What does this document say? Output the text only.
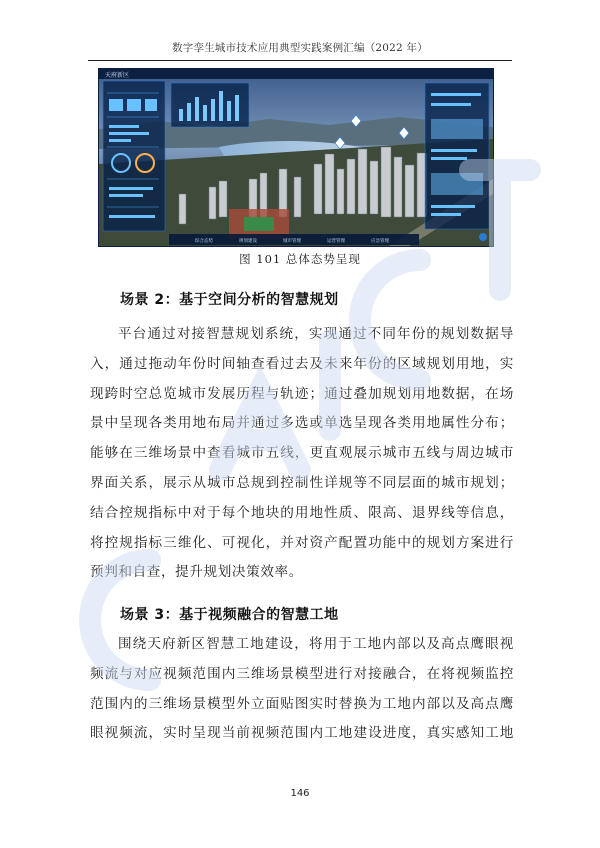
数字孪生城市技术应用典型实践案例汇编（2022 年）
天府新区
综合态势	规划建设	城市管理	运营管理	应急管理
图 101 总体态势呈现
场景 2：基于空间分析的智慧规划
平台通过对接智慧规划系统，实现通过不同年份的规划数据导
入，通过拖动年份时间轴查看过去及未来年份的区域规划用地，实
现跨时空总览城市发展历程与轨迹；通过叠加规划用地数据，在场
景中呈现各类用地布局并通过多选或单选呈现各类用地属性分布；
能够在三维场景中查看城市五线，更直观展示城市五线与周边城市
界面关系，展示从城市总规到控制性详规等不同层面的城市规划；
结合控规指标中对于每个地块的用地性质、限高、退界线等信息，
将控规指标三维化、可视化，并对资产配置功能中的规划方案进行
预判和自查，提升规划决策效率。
场景 3：基于视频融合的智慧工地
围绕天府新区智慧工地建设，将用于工地内部以及高点鹰眼视
频流与对应视频范围内三维场景模型进行对接融合，在将视频监控
范围内的三维场景模型外立面贴图实时替换为工地内部以及高点鹰
眼视频流，实时呈现当前视频范围内工地建设进度，真实感知工地
146
